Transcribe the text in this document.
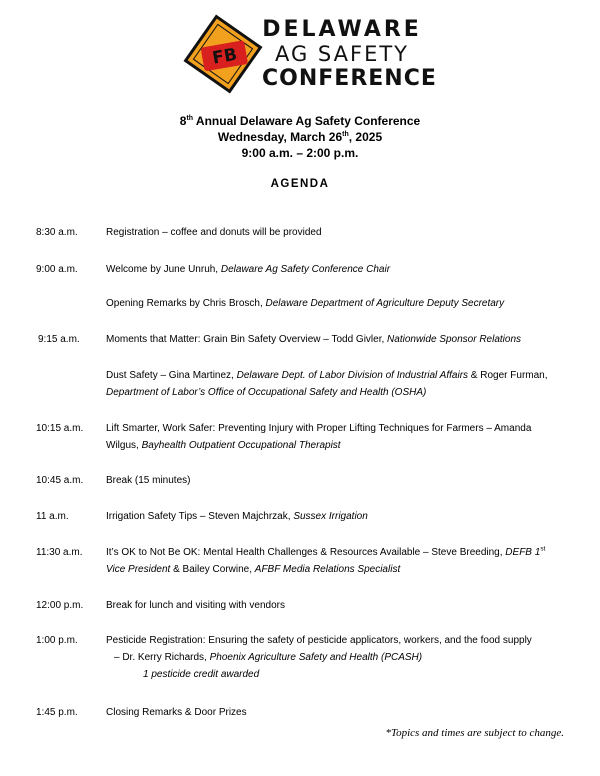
FB
DELAWARE
AG SAFETY
CONFERENCE
8th Annual Delaware Ag Safety Conference
Wednesday, March 26th, 2025
9:00 a.m. – 2:00 p.m.
AGENDA
8:30 a.m.	Registration – coffee and donuts will be provided
9:00 a.m.	Welcome by June Unruh, Delaware Ag Safety Conference Chair
Opening Remarks by Chris Brosch, Delaware Department of Agriculture Deputy Secretary
9:15 a.m.	Moments that Matter: Grain Bin Safety Overview – Todd Givler, Nationwide Sponsor Relations
Dust Safety – Gina Martinez, Delaware Dept. of Labor Division of Industrial Affairs & Roger Furman,
Department of Labor’s Office of Occupational Safety and Health (OSHA)
10:15 a.m. Lift Smarter, Work Safer: Preventing Injury with Proper Lifting Techniques for Farmers – Amanda
Wilgus, Bayhealth Outpatient Occupational Therapist
10:45 a.m. Break (15 minutes)
11 a.m.	Irrigation Safety Tips – Steven Majchrzak, Sussex Irrigation
11:30 a.m. It’s OK to Not Be OK: Mental Health Challenges & Resources Available – Steve Breeding, DEFB 1st
Vice President & Bailey Corwine, AFBF Media Relations Specialist
12:00 p.m. Break for lunch and visiting with vendors
1:00 p.m.	Pesticide Registration: Ensuring the safety of pesticide applicators, workers, and the food supply
– Dr. Kerry Richards, Phoenix Agriculture Safety and Health (PCASH)
1 pesticide credit awarded
1:45 p.m.	Closing Remarks & Door Prizes
*Topics and times are subject to change.
